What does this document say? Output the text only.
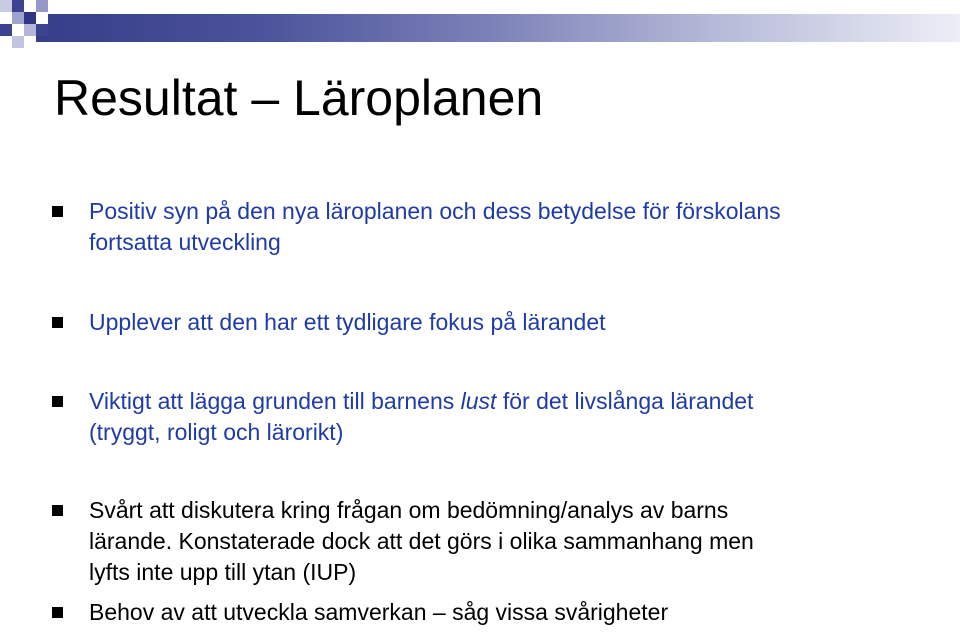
Resultat – Läroplanen

Positiv syn på den nya läroplanen och dess betydelse för förskolans
fortsatta utveckling

Upplever att den har ett tydligare fokus på lärandet

Viktigt att lägga grunden till barnens lust för det livslånga lärandet
(tryggt, roligt och lärorikt)

Svårt att diskutera kring frågan om bedömning/analys av barns
lärande. Konstaterade dock att det görs i olika sammanhang men
lyfts inte upp till ytan (IUP)

Behov av att utveckla samverkan – såg vissa svårigheter
